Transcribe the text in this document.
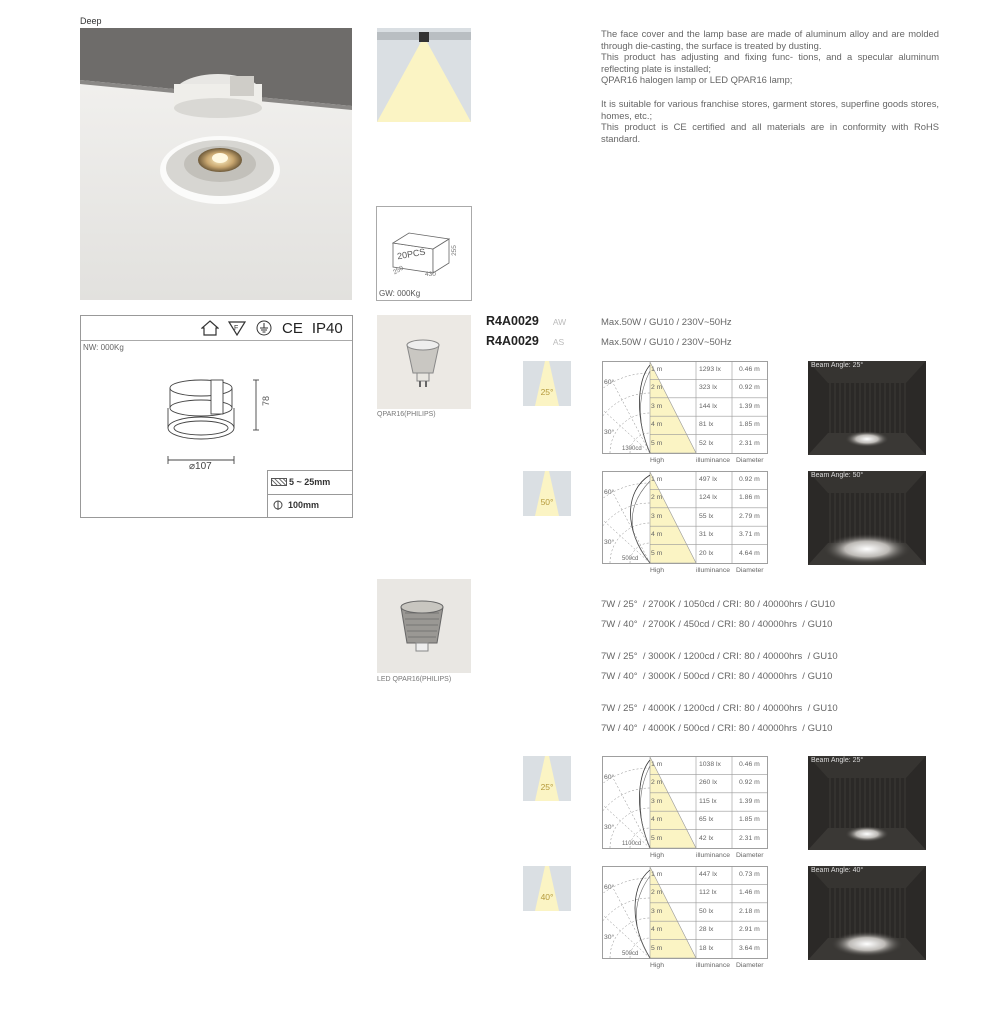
Deep
The face cover and the lamp base are made of aluminum alloy and are molded through die-casting, the surface is treated by dusting.
This product has adjusting and fixing func- tions, and a specular aluminum reflecting plate is installed;
QPAR16 halogen lamp or LED QPAR16 lamp;
It is suitable for various franchise stores, garment stores, superfine goods stores, homes, etc.;
This product is CE certified and all materials are in conformity with RoHS standard.
20PCS	255
430
250
GW: 000Kg
NW: 000Kg
F	CE IP40
78
⌀107
5 ~ 25mm
100mm
QPAR16(PHILIPS)
LED QPAR16(PHILIPS)
R4A0029 AW
R4A0029 AS
Max.50W / GU10 / 230V~50Hz
Max.50W / GU10 / 230V~50Hz
7W / 25°  / 2700K / 1050cd / CRI: 80 / 40000hrs / GU10
7W / 40°  / 2700K / 450cd / CRI: 80 / 40000hrs  / GU10
7W / 25°  / 3000K / 1200cd / CRI: 80 / 40000hrs  / GU10
7W / 40°  / 3000K / 500cd / CRI: 80 / 40000hrs  / GU10
7W / 25°  / 4000K / 1200cd / CRI: 80 / 40000hrs  / GU10
7W / 40°  / 4000K / 500cd / CRI: 80 / 40000hrs  / GU10
25°
60°
30°
1300cd
High	illuminance Diameter
1 m	1293 lx	0.46 m
2 m	323 lx	0.92 m
3 m	144 lx	1.39 m
4 m	81 lx	1.85 m
5 m	52 lx	2.31 m
Beam Angle: 25°
50°
60°
30°
500cd
High	illuminance Diameter
1 m	497 lx	0.92 m
2 m	124 lx	1.86 m
3 m	55 lx	2.79 m
4 m	31 lx	3.71 m
5 m	20 lx	4.64 m
Beam Angle: 50°
25°
60°
30°
1100cd
High	illuminance Diameter
1 m	1038 lx	0.46 m
2 m	260 lx	0.92 m
3 m	115 lx	1.39 m
4 m	65 lx	1.85 m
5 m	42 lx	2.31 m
Beam Angle: 25°
40°
60°
30°
500cd
High	illuminance Diameter
1 m	447 lx	0.73 m
2 m	112 lx	1.46 m
3 m	50 lx	2.18 m
4 m	28 lx	2.91 m
5 m	18 lx	3.64 m
Beam Angle: 40°
